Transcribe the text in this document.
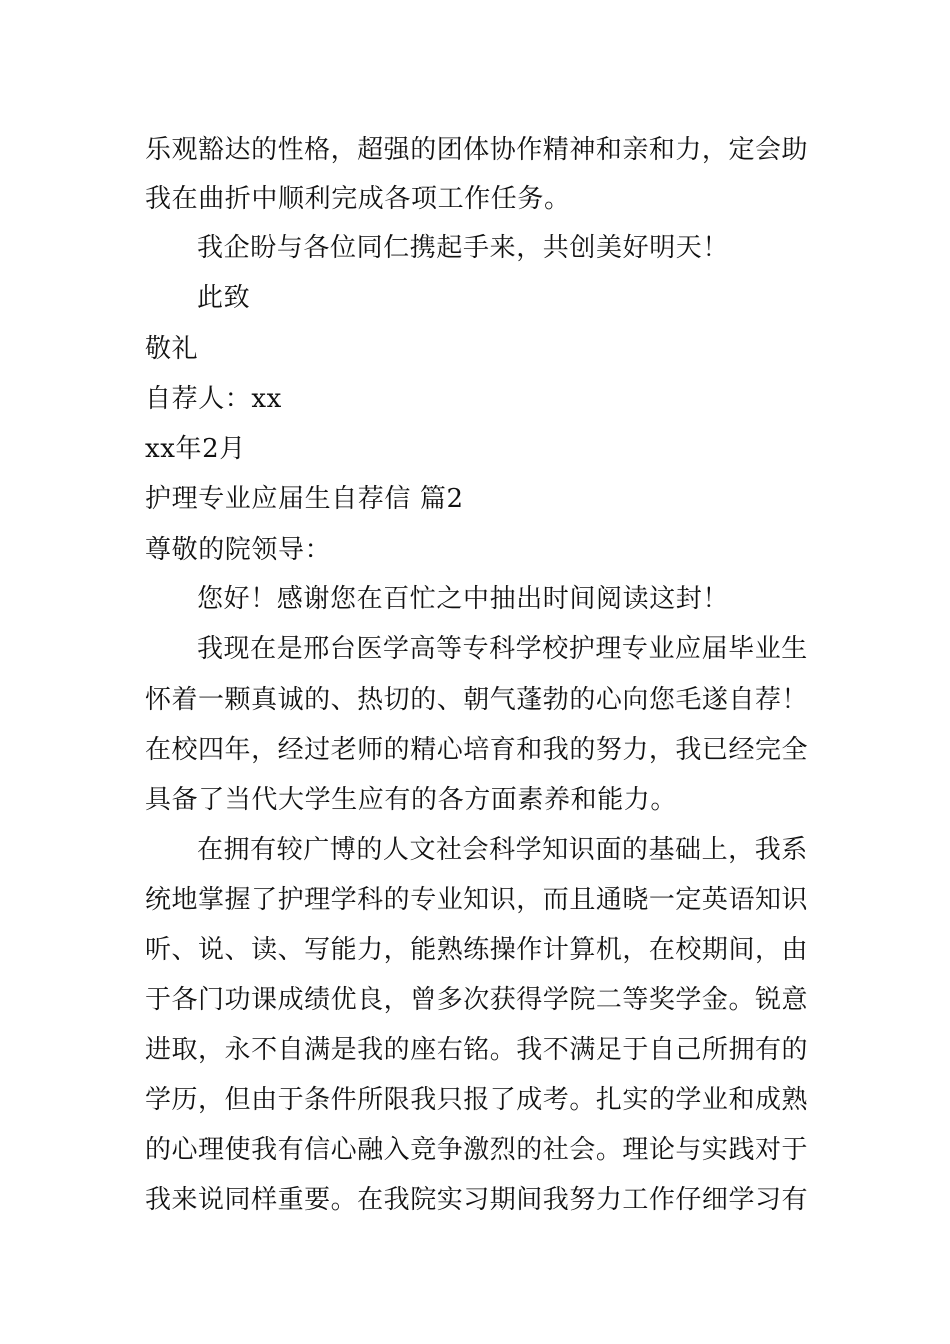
乐观豁达的性格，超强的团体协作精神和亲和力，定会助

我在曲折中顺利完成各项工作任务。

我企盼与各位同仁携起手来，共创美好明天！

此致

敬礼

自荐人：xx

xx年2月

护理专业应届生自荐信 篇2

尊敬的院领导：

您好！感谢您在百忙之中抽出时间阅读这封！

我现在是邢台医学高等专科学校护理专业应届毕业生

怀着一颗真诚的、热切的、朝气蓬勃的心向您毛遂自荐！

在校四年，经过老师的精心培育和我的努力，我已经完全

具备了当代大学生应有的各方面素养和能力。

在拥有较广博的人文社会科学知识面的基础上，我系

统地掌握了护理学科的专业知识，而且通晓一定英语知识

听、说、读、写能力，能熟练操作计算机，在校期间，由

于各门功课成绩优良，曾多次获得学院二等奖学金。锐意

进取，永不自满是我的座右铭。我不满足于自己所拥有的

学历，但由于条件所限我只报了成考。扎实的学业和成熟

的心理使我有信心融入竞争激烈的社会。理论与实践对于

我来说同样重要。在我院实习期间我努力工作仔细学习有
